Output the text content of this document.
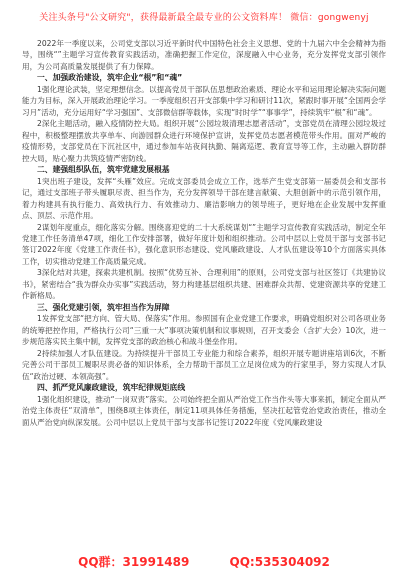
关注头条号"公文研究"，获得最新最全最专业的公文资料库！ 微信：gongwenyj

2022年一季度以来，公司党支部以习近平新时代中国特色社会主义思想、党的十九届六中全会精神为指导，围绕“”主题学习宣传教育实践活动，准确把握工作定位，深度融入中心业务，充分发挥党支部引领作用，为公司高质量发展提供了有力保障。

一、加强政治建设，筑牢企业“根”和“魂”

1强化理论武装，坚定理想信念。以提高党员干部队伍思想政治素质、理论水平和运用理论解决实际问题能力为目标，深入开展政治理论学习。一季度组织召开支部集中学习和研讨11次，紧跟时事开展“全国两会学习月”活动，充分运用好“学习强国”、支部微信群等载体，实现“时时学”“事事学”，持续筑牢“根”和“魂”。

2深化主题活动，融入疫情防控大局。组织开展“公园垃圾清理志愿者活动”，支部党员在清理公园垃圾过程中，积极整理摆放共享单车、向游园群众进行环境保护宣讲，发挥党员志愿者模范带头作用。面对严峻的疫情形势，支部党员在下沉社区中，通过参加车站夜间执勤、隔离巡逻、教育宣导等工作，主动融入群防群控大局，贴心聚力共筑疫情严密防线。

二、建强组织队伍，筑牢党建发展根基

1突出班子建设，发挥“头雁”效应。完成支部委员会成立工作，选举产生党支部第一届委员会和支部书记，通过支部班子带头履职尽责、担当作为，充分发挥领导干部在建言献策、大胆创新中的示范引领作用，着力构建具有执行能力、高效执行力、有效推动力、廉洁影响力的领导班子，更好地在企业发展中发挥重点、顶层、示范作用。

2谋划年度重点，细化落实分解。围绕喜迎党的二十大系统谋划“”主题学习宣传教育实践活动，制定全年党建工作任务清单47项，细化工作安排部署，做好年度计划和组织推动。公司中层以上党员干部与支部书记签订2022年度《党建工作责任书》，强化意识形态建设、党风廉政建设、人才队伍建设等10个方面落实具体工作，切实推动党建工作高质量完成。

3深化结对共建，探索共建机制。按照“优势互补、合理利用”的原则，公司党支部与社区签订《共建协议书》，紧密结合“我为群众办实事”实践活动，努力构建基层组织共建、困难群众共帮、党建资源共享的党建工作新格局。

三、强化党建引领，筑牢担当作为屏障

1发挥党支部“把方向、管大局、保落实”作用。参照国有企业党建工作要求，明确党组织对公司各项业务的统筹把控作用，严格执行公司“三重一大”事项决策机制和议事规则，召开支委会（含扩大会）10次，进一步规范落实民主集中制，发挥党支部的政治核心和战斗堡垒作用。

2持续加强人才队伍建设。为持续提升干部员工专业能力和综合素养，组织开展专题讲座培训6次，不断完善公司干部员工履职尽责必备的知识体系，全力帮助干部员工立足岗位成为的行家里手，努力实现人才队伍“政治过硬、本领高强”。

四、抓严党风廉政建设，筑牢纪律规矩底线

1强化组织建设，推动“一岗双责”落实。公司始终把全面从严治党工作当作头等大事来抓，制定全面从严治党主体责任“双清单”，围绕8项主体责任，制定11项具体任务措施，坚决扛起管党治党政治责任，推动全面从严治党向纵深发展。公司中层以上党员干部与支部书记签订2022年度《党风廉政建设

QQ群：31991489	QQ:535304092
